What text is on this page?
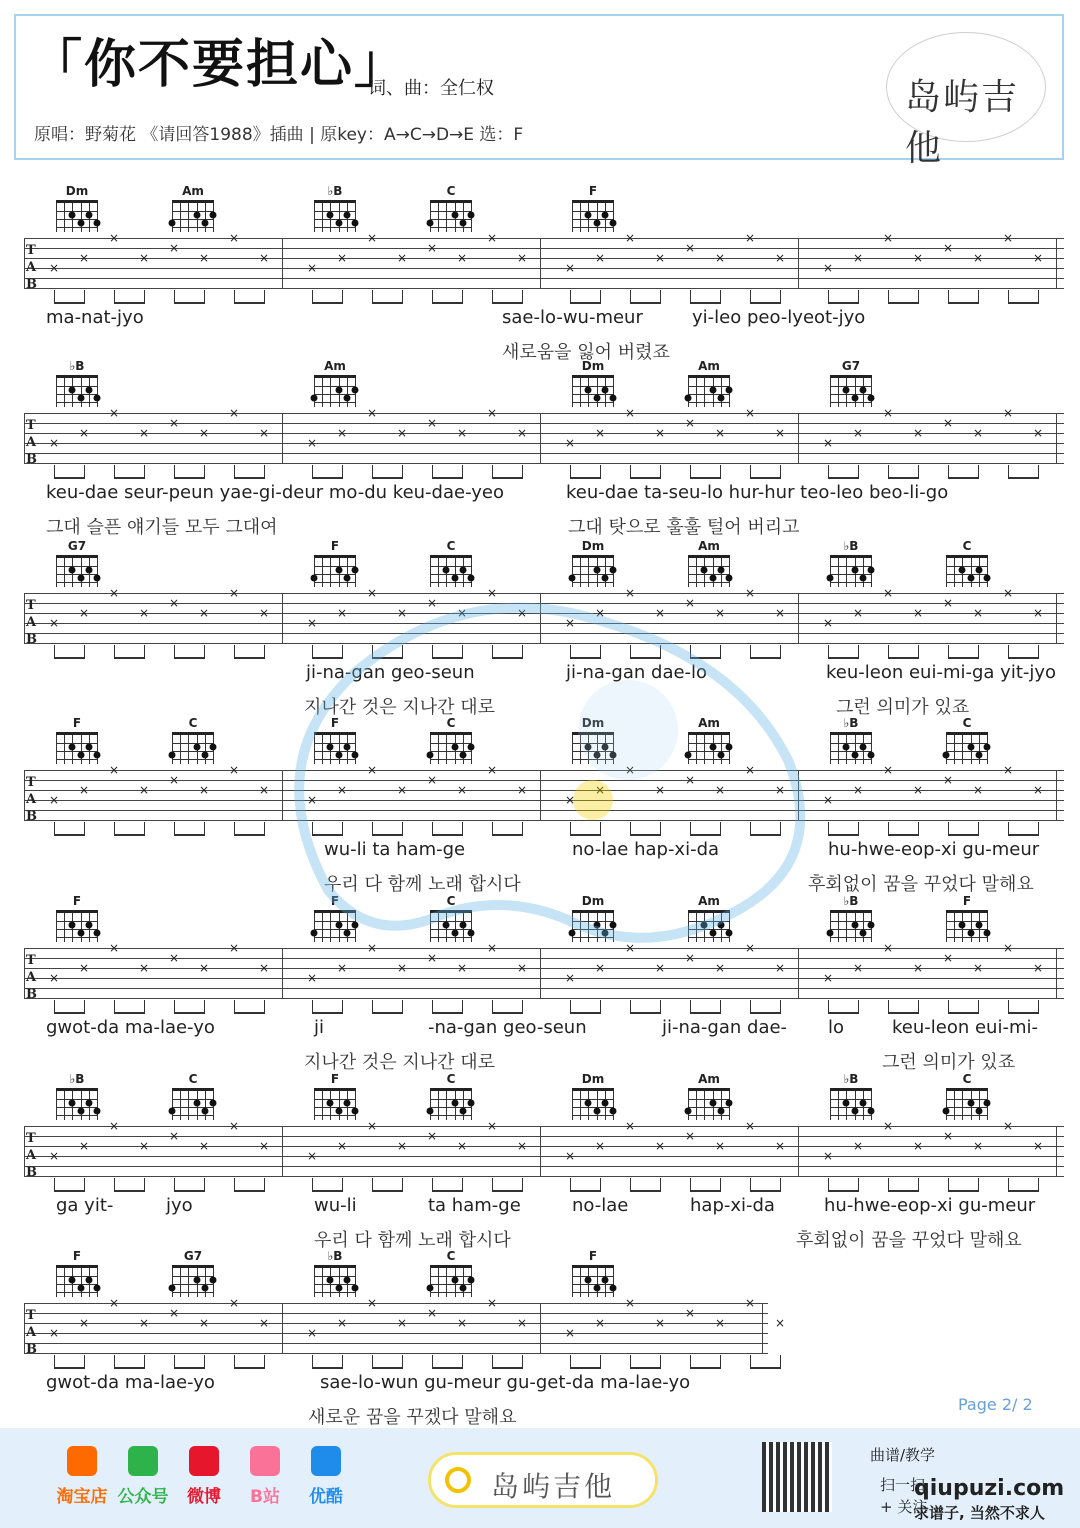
「你不要担心」
词、曲：全仁权
原唱：野菊花 《请回答1988》插曲 | 原key：A→C→D→E 选：F
岛屿吉他
Dm	Am	♭B	C	F
T
A
B
×
×
×
×
×
×
×
×
×
×
×
×
×
×
×
×
×
×
×
×
×
×
×
×
×
×
×
×
×
×
×
×
ma-nat-jyo	sae-lo-wu-meur	yi-leo peo-lyeot-jyo
새로움을 잃어 버렸죠
♭B	Am	Dm	Am	G7
T
A
B
×
×
×
×
×
×
×
×
×
×
×
×
×
×
×
×
×
×
×
×
×
×
×
×
×
×
×
×
×
×
×
×
keu-dae seur-peun yae-gi-deur mo-du keu-dae-yeo	keu-dae ta-seu-lo hur-hur teo-leo beo-li-go
그대 슬픈 얘기들 모두 그대여	그대 탓으로 훌훌 털어 버리고
G7	F	C	Dm	Am	♭B	C
T
A
B
×
×
×
×
×
×
×
×
×
×
×
×
×
×
×
×
×
×
×
×
×
×
×
×
×
×
×
×
×
×
×
×
ji-na-gan geo-seun	ji-na-gan dae-lo	keu-leon eui-mi-ga yit-jyo
지나간 것은 지나간 대로	그런 의미가 있죠
F	C	F	C	Dm	Am	♭B	C
T
A
B
×
×
×
×
×
×
×
×
×
×
×
×
×
×
×
×
×
×
×
×
×
×
×
×
×
×
×
×
×
×
×
×
wu-li ta ham-ge	no-lae hap-xi-da	hu-hwe-eop-xi gu-meur
우리 다 함께 노래 합시다	후회없이 꿈을 꾸었다 말해요
F	F	C	Dm	Am	♭B	F
T
A
B
×
×
×
×
×
×
×
×
×
×
×
×
×
×
×
×
×
×
×
×
×
×
×
×
×
×
×
×
×
×
×
×
gwot-da ma-lae-yo	ji	-na-gan geo-seun	ji-na-gan dae- lo	keu-leon eui-mi-
지나간 것은 지나간 대로	그런 의미가 있죠
♭B	C	F	C	Dm	Am	♭B	C
T
A
B
×
×
×
×
×
×
×
×
×
×
×
×
×
×
×
×
×
×
×
×
×
×
×
×
×
×
×
×
×
×
×
×
ga yit-	jyo	wu-li	ta ham-ge	no-lae	hap-xi-da	hu-hwe-eop-xi gu-meur
우리 다 함께 노래 합시다	후회없이 꿈을 꾸었다 말해요
F	G7	♭B	C	F
T
A
B
×
×
×
×
×
×
×
×
×
×
×
×
×
×
×
×
×
×
×
×
×
×
×
×
gwot-da ma-lae-yo	sae-lo-wun gu-meur gu-get-da ma-lae-yo
새로운 꿈을 꾸겠다 말해요
Page 2/ 2
淘宝店 公众号	微博	B站	优酷	岛屿吉他
曲谱/教学
扫一扫
+ 关注
qiupuzi.com
求谱子, 当然不求人
